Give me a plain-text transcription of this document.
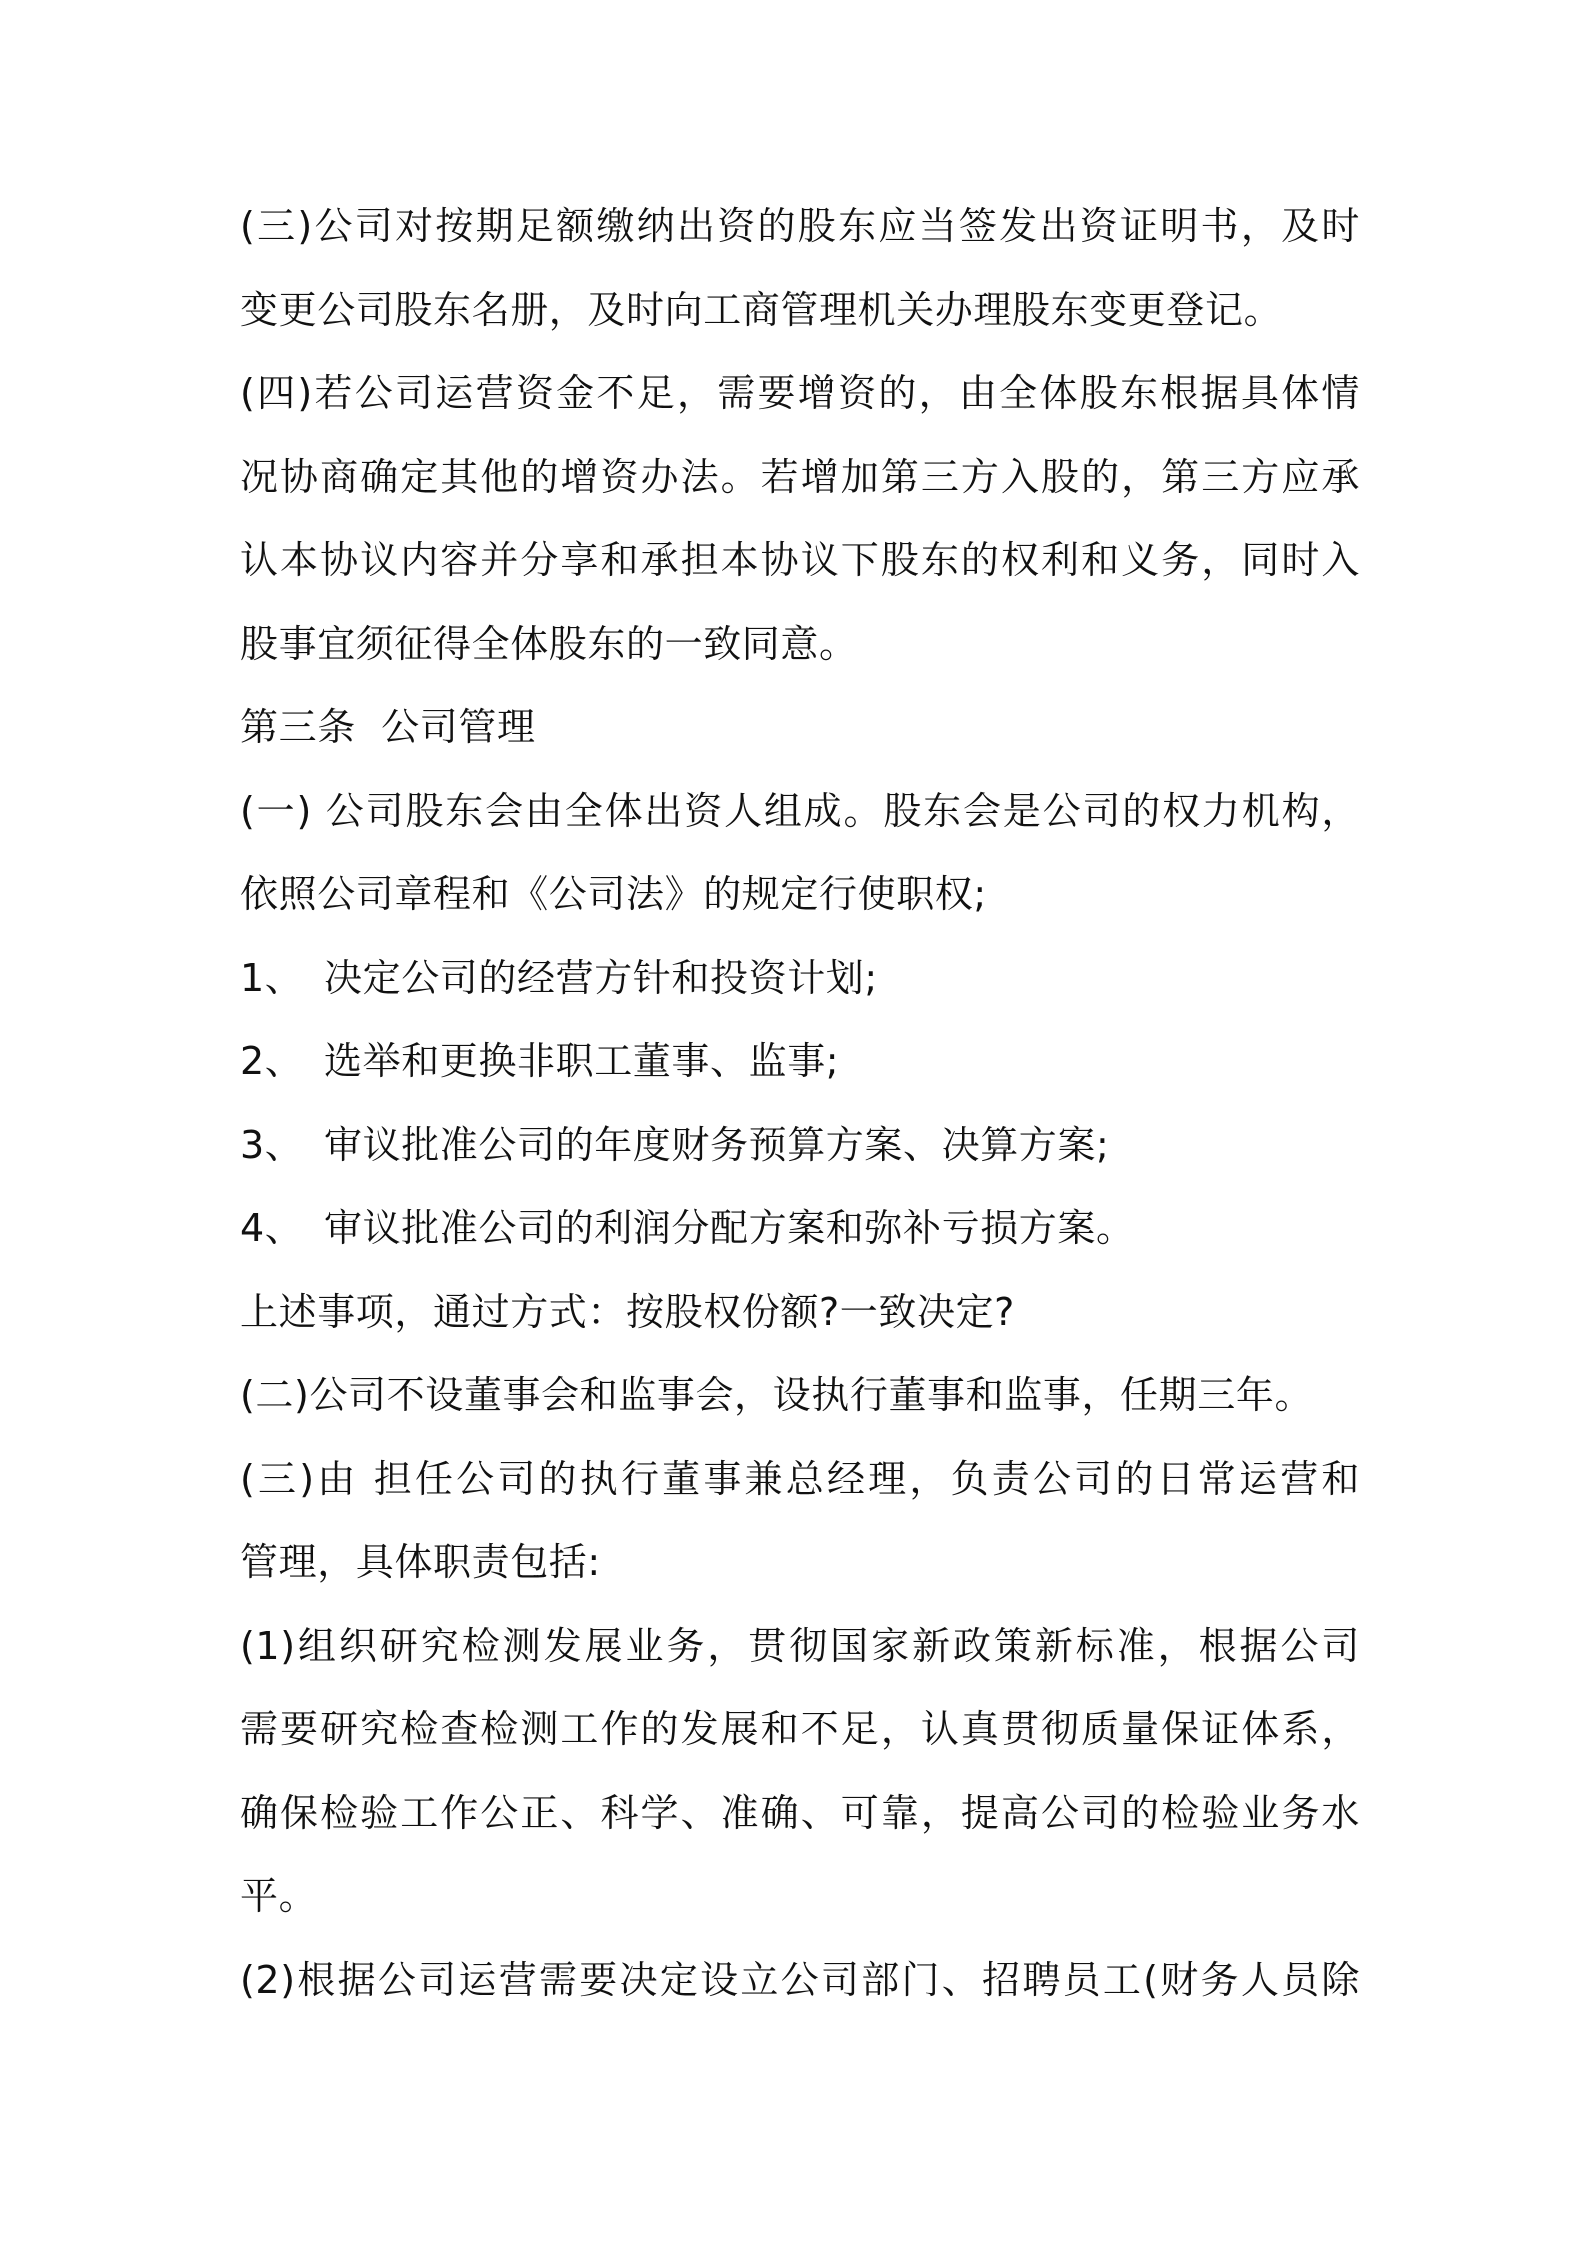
(三)公司对按期足额缴纳出资的股东应当签发出资证明书，及时
变更公司股东名册，及时向工商管理机关办理股东变更登记。
(四)若公司运营资金不足，需要增资的，由全体股东根据具体情
况协商确定其他的增资办法。若增加第三方入股的，第三方应承
认本协议内容并分享和承担本协议下股东的权利和义务，同时入
股事宜须征得全体股东的一致同意。
第三条  公司管理
(一) 公司股东会由全体出资人组成。股东会是公司的权力机构，
依照公司章程和《公司法》的规定行使职权;
1、 决定公司的经营方针和投资计划;
2、 选举和更换非职工董事、监事;
3、 审议批准公司的年度财务预算方案、决算方案;
4、 审议批准公司的利润分配方案和弥补亏损方案。
上述事项，通过方式：按股权份额?一致决定?
(二)公司不设董事会和监事会，设执行董事和监事，任期三年。
(三)由 担任公司的执行董事兼总经理，负责公司的日常运营和
管理，具体职责包括:
(1)组织研究检测发展业务，贯彻国家新政策新标准，根据公司
需要研究检查检测工作的发展和不足，认真贯彻质量保证体系，
确保检验工作公正、科学、准确、可靠，提高公司的检验业务水
平。
(2)根据公司运营需要决定设立公司部门、招聘员工(财务人员除
